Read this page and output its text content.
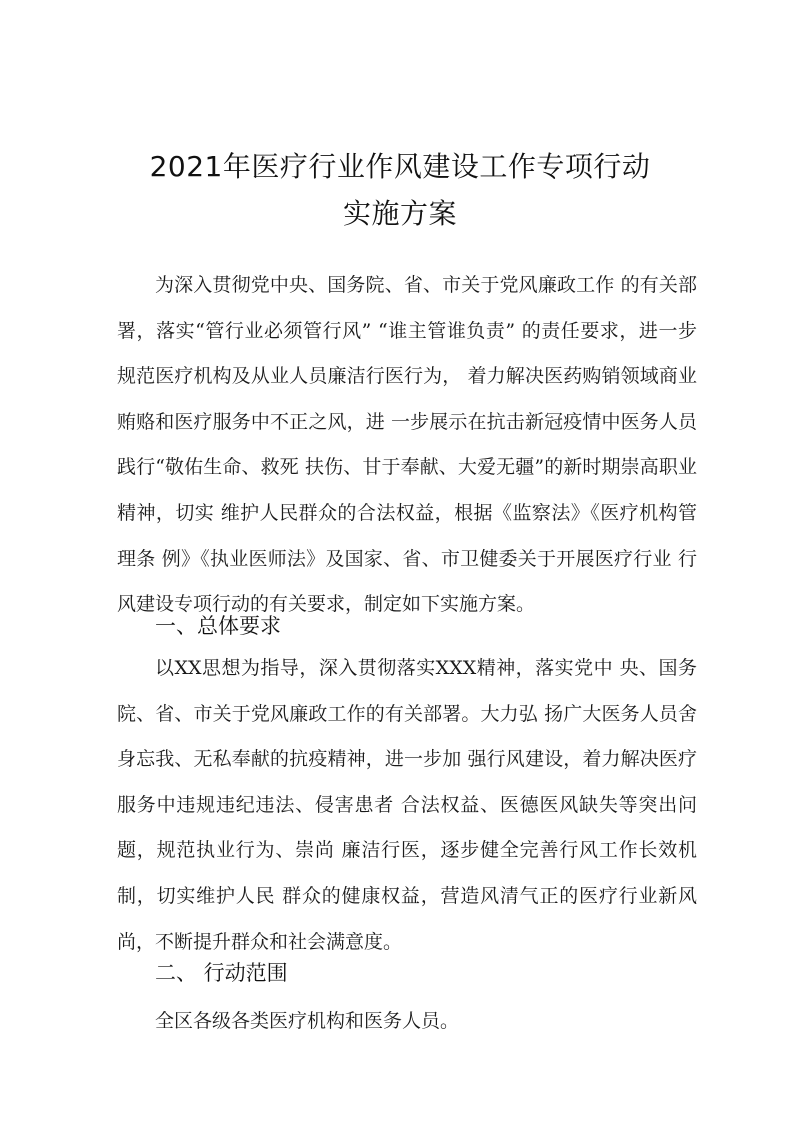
2021年医疗行业作风建设工作专项行动
实施方案
为深入贯彻党中央、国务院、省、市关于党风廉政工作 的有关部署，落实“管行业必须管行风” “谁主管谁负责” 的责任要求，进一步规范医疗机构及从业人员廉洁行医行为， 着力解决医药购销领域商业贿赂和医疗服务中不正之风，进 一步展示在抗击新冠疫情中医务人员践行“敬佑生命、救死 扶伤、甘于奉献、大爱无疆”的新时期崇高职业精神，切实 维护人民群众的合法权益，根据《监察法》《医疗机构管理条 例》《执业医师法》及国家、省、市卫健委关于开展医疗行业 行风建设专项行动的有关要求，制定如下实施方案。
一、总体要求
以XX思想为指导，深入贯彻落实XXX精神，落实党中 央、国务院、省、市关于党风廉政工作的有关部署。大力弘 扬广大医务人员舍身忘我、无私奉献的抗疫精神，进一步加 强行风建设，着力解决医疗服务中违规违纪违法、侵害患者 合法权益、医德医风缺失等突出问题，规范执业行为、崇尚 廉洁行医，逐步健全完善行风工作长效机制，切实维护人民 群众的健康权益，营造风清气正的医疗行业新风尚，不断提升群众和社会满意度。
二、 行动范围
全区各级各类医疗机构和医务人员。
